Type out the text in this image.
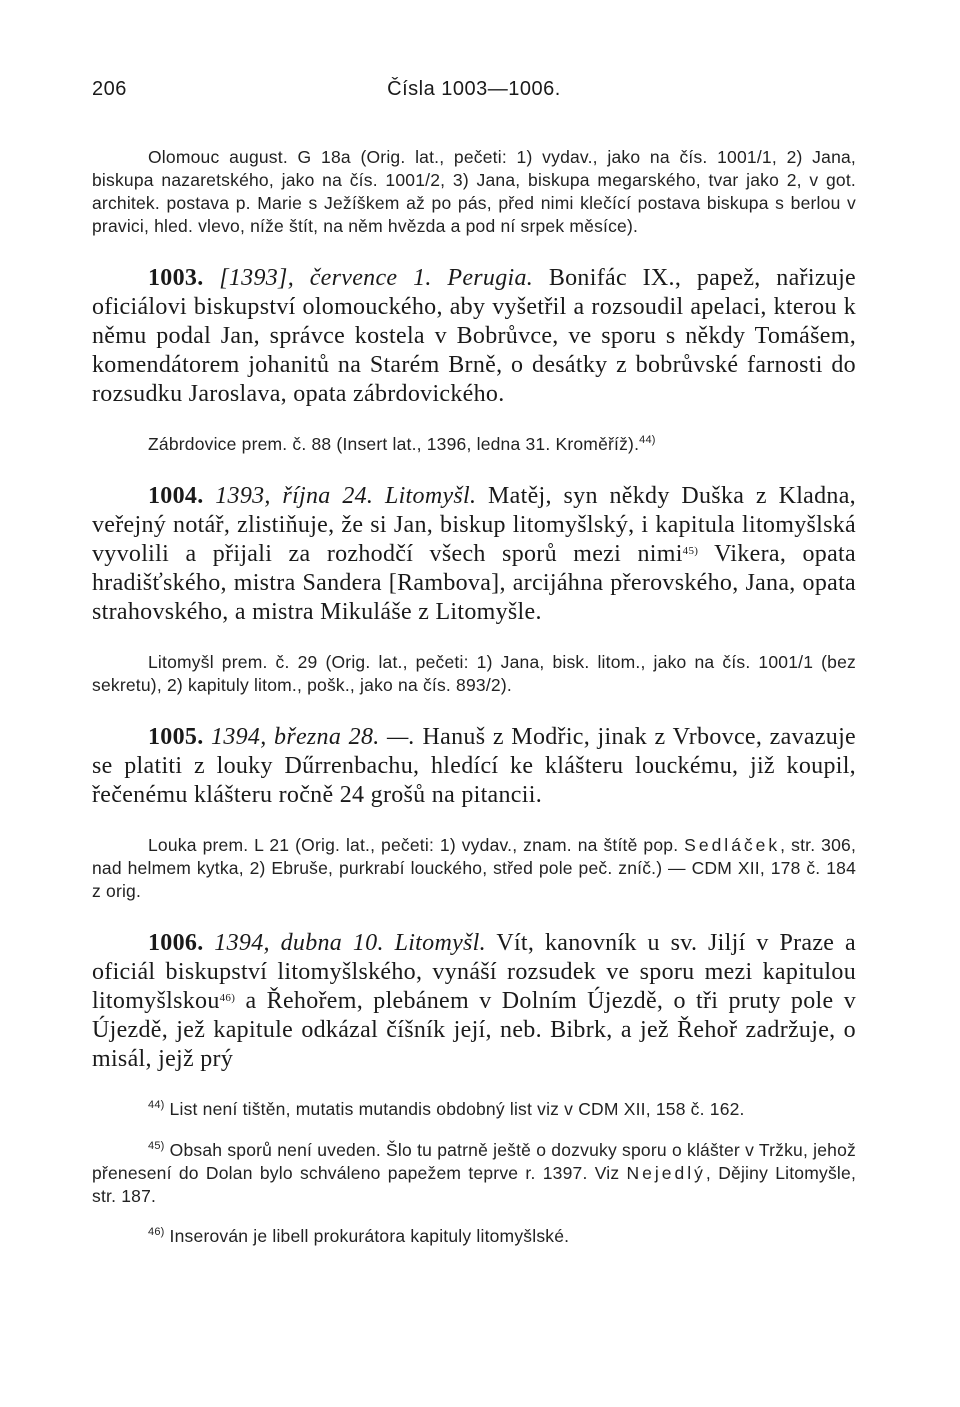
206	Čísla 1003—1006.

Olomouc august. G 18a (Orig. lat., pečeti: 1) vydav., jako na čís. 1001/1, 2) Jana, biskupa nazaretského, jako na čís. 1001/2, 3) Jana, biskupa megarského, tvar jako 2, v got. architek. postava p. Marie s Ježíškem až po pás, před nimi klečící postava biskupa s berlou v pravici, hled. vlevo, níže štít, na něm hvězda a pod ní srpek měsíce).

1003. [1393], července 1. Perugia. Bonifác IX., papež, nařizuje oficiálovi biskupství olomouckého, aby vyšetřil a rozsoudil apelaci, kterou k němu podal Jan, správce kostela v Bobrůvce, ve sporu s někdy Tomášem, komendátorem johanitů na Starém Brně, o desátky z bobrůvské farnosti do rozsudku Jaroslava, opata zábrdovického.

Zábrdovice prem. č. 88 (Insert lat., 1396, ledna 31. Kroměříž).$^{44)}$

1004. 1393, října 24. Litomyšl. Matěj, syn někdy Duška z Kladna, veřejný notář, zlistiňuje, že si Jan, biskup litomyšlský, i kapitula litomyšlská vyvolili a přijali za rozhodčí všech sporů mezi nimi$^{45)}$ Vikera, opata hradišťského, mistra Sandera [Rambova], arcijáhna přerovského, Jana, opata strahovského, a mistra Mikuláše z Litomyšle.

Litomyšl prem. č. 29 (Orig. lat., pečeti: 1) Jana, bisk. litom., jako na čís. 1001/1 (bez sekretu), 2) kapituly litom., pošk., jako na čís. 893/2).

1005. 1394, března 28. —. Hanuš z Modřic, jinak z Vrbovce, zavazuje se platiti z louky Dűrrenbachu, hledící ke klášteru louckému, již koupil, řečenému klášteru ročně 24 grošů na pitancii.

Louka prem. L 21 (Orig. lat., pečeti: 1) vydav., znam. na štítě pop. Sedláček, str. 306, nad helmem kytka, 2) Ebruše, purkrabí louckého, střed pole peč. zníč.) — CDM XII, 178 č. 184 z orig.

1006. 1394, dubna 10. Litomyšl. Vít, kanovník u sv. Jiljí v Praze a oficiál biskupství litomyšlského, vynáší rozsudek ve sporu mezi kapitulou litomyšlskou$^{46)}$ a Řehořem, plebánem v Dolním Újezdě, o tři pruty pole v Újezdě, jež kapitule odkázal číšník její, neb. Bibrk, a jež Řehoř zadržuje, o misál, jejž prý

$^{44)}$ List není tištěn, mutatis mutandis obdobný list viz v CDM XII, 158 č. 162.

$^{45)}$ Obsah sporů není uveden. Šlo tu patrně ještě o dozvuky sporu o klášter v Tržku, jehož přenesení do Dolan bylo schváleno papežem teprve r. 1397. Viz Nejedlý, Dějiny Litomyšle, str. 187.

$^{46)}$ Inserován je libell prokurátora kapituly litomyšlské.
